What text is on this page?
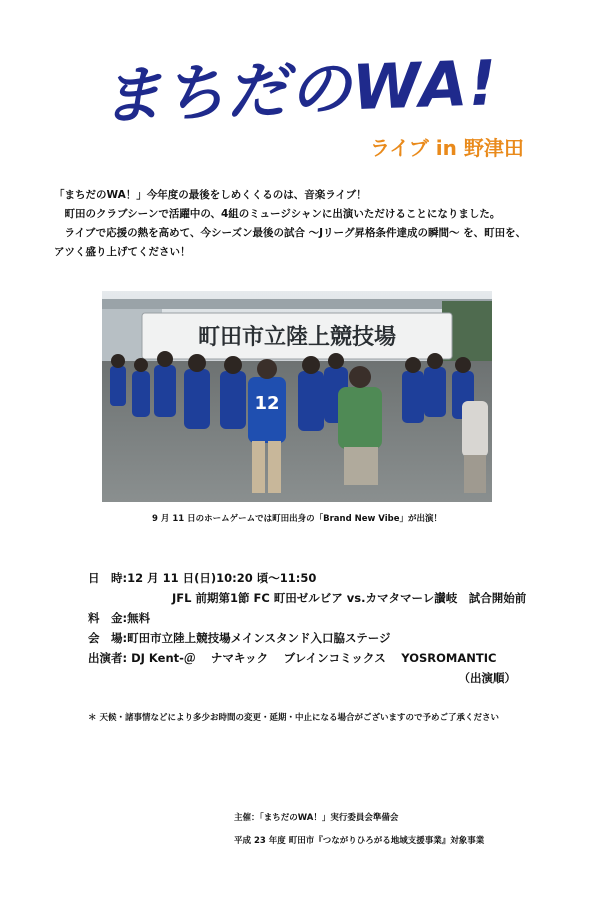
まちだのWA!
ライブ in 野津田

「まちだのWA！」今年度の最後をしめくくるのは、音楽ライブ！

　町田のクラブシーンで活躍中の、4組のミュージシャンに出演いただけることになりました。

　ライブで応援の熱を高めて、今シーズン最後の試合 ～Jリーグ昇格条件達成の瞬間～ を、町田を、

アツく盛り上げてください！

町田市立陸上競技場
12
9 月 11 日のホームゲームでは町田出身の「Brand New Vibe」が出演！
日　時:12 月 11 日(日)10:20 頃～11:50
JFL 前期第1節 FC 町田ゼルビア vs.カマタマーレ讃岐　試合開始前
料　金:無料
会　場:町田市立陸上競技場メインスタンド入口脇ステージ
出演者: DJ Kent-＠　 ナマキック　 ブレインコミックス　 YOSROMANTIC
（出演順）
＊ 天候・諸事情などにより多少お時間の変更・延期・中止になる場合がございますので予めご了承ください
主催：「まちだのWA！」実行委員会準備会
平成 23 年度 町田市『つながりひろがる地域支援事業』対象事業
